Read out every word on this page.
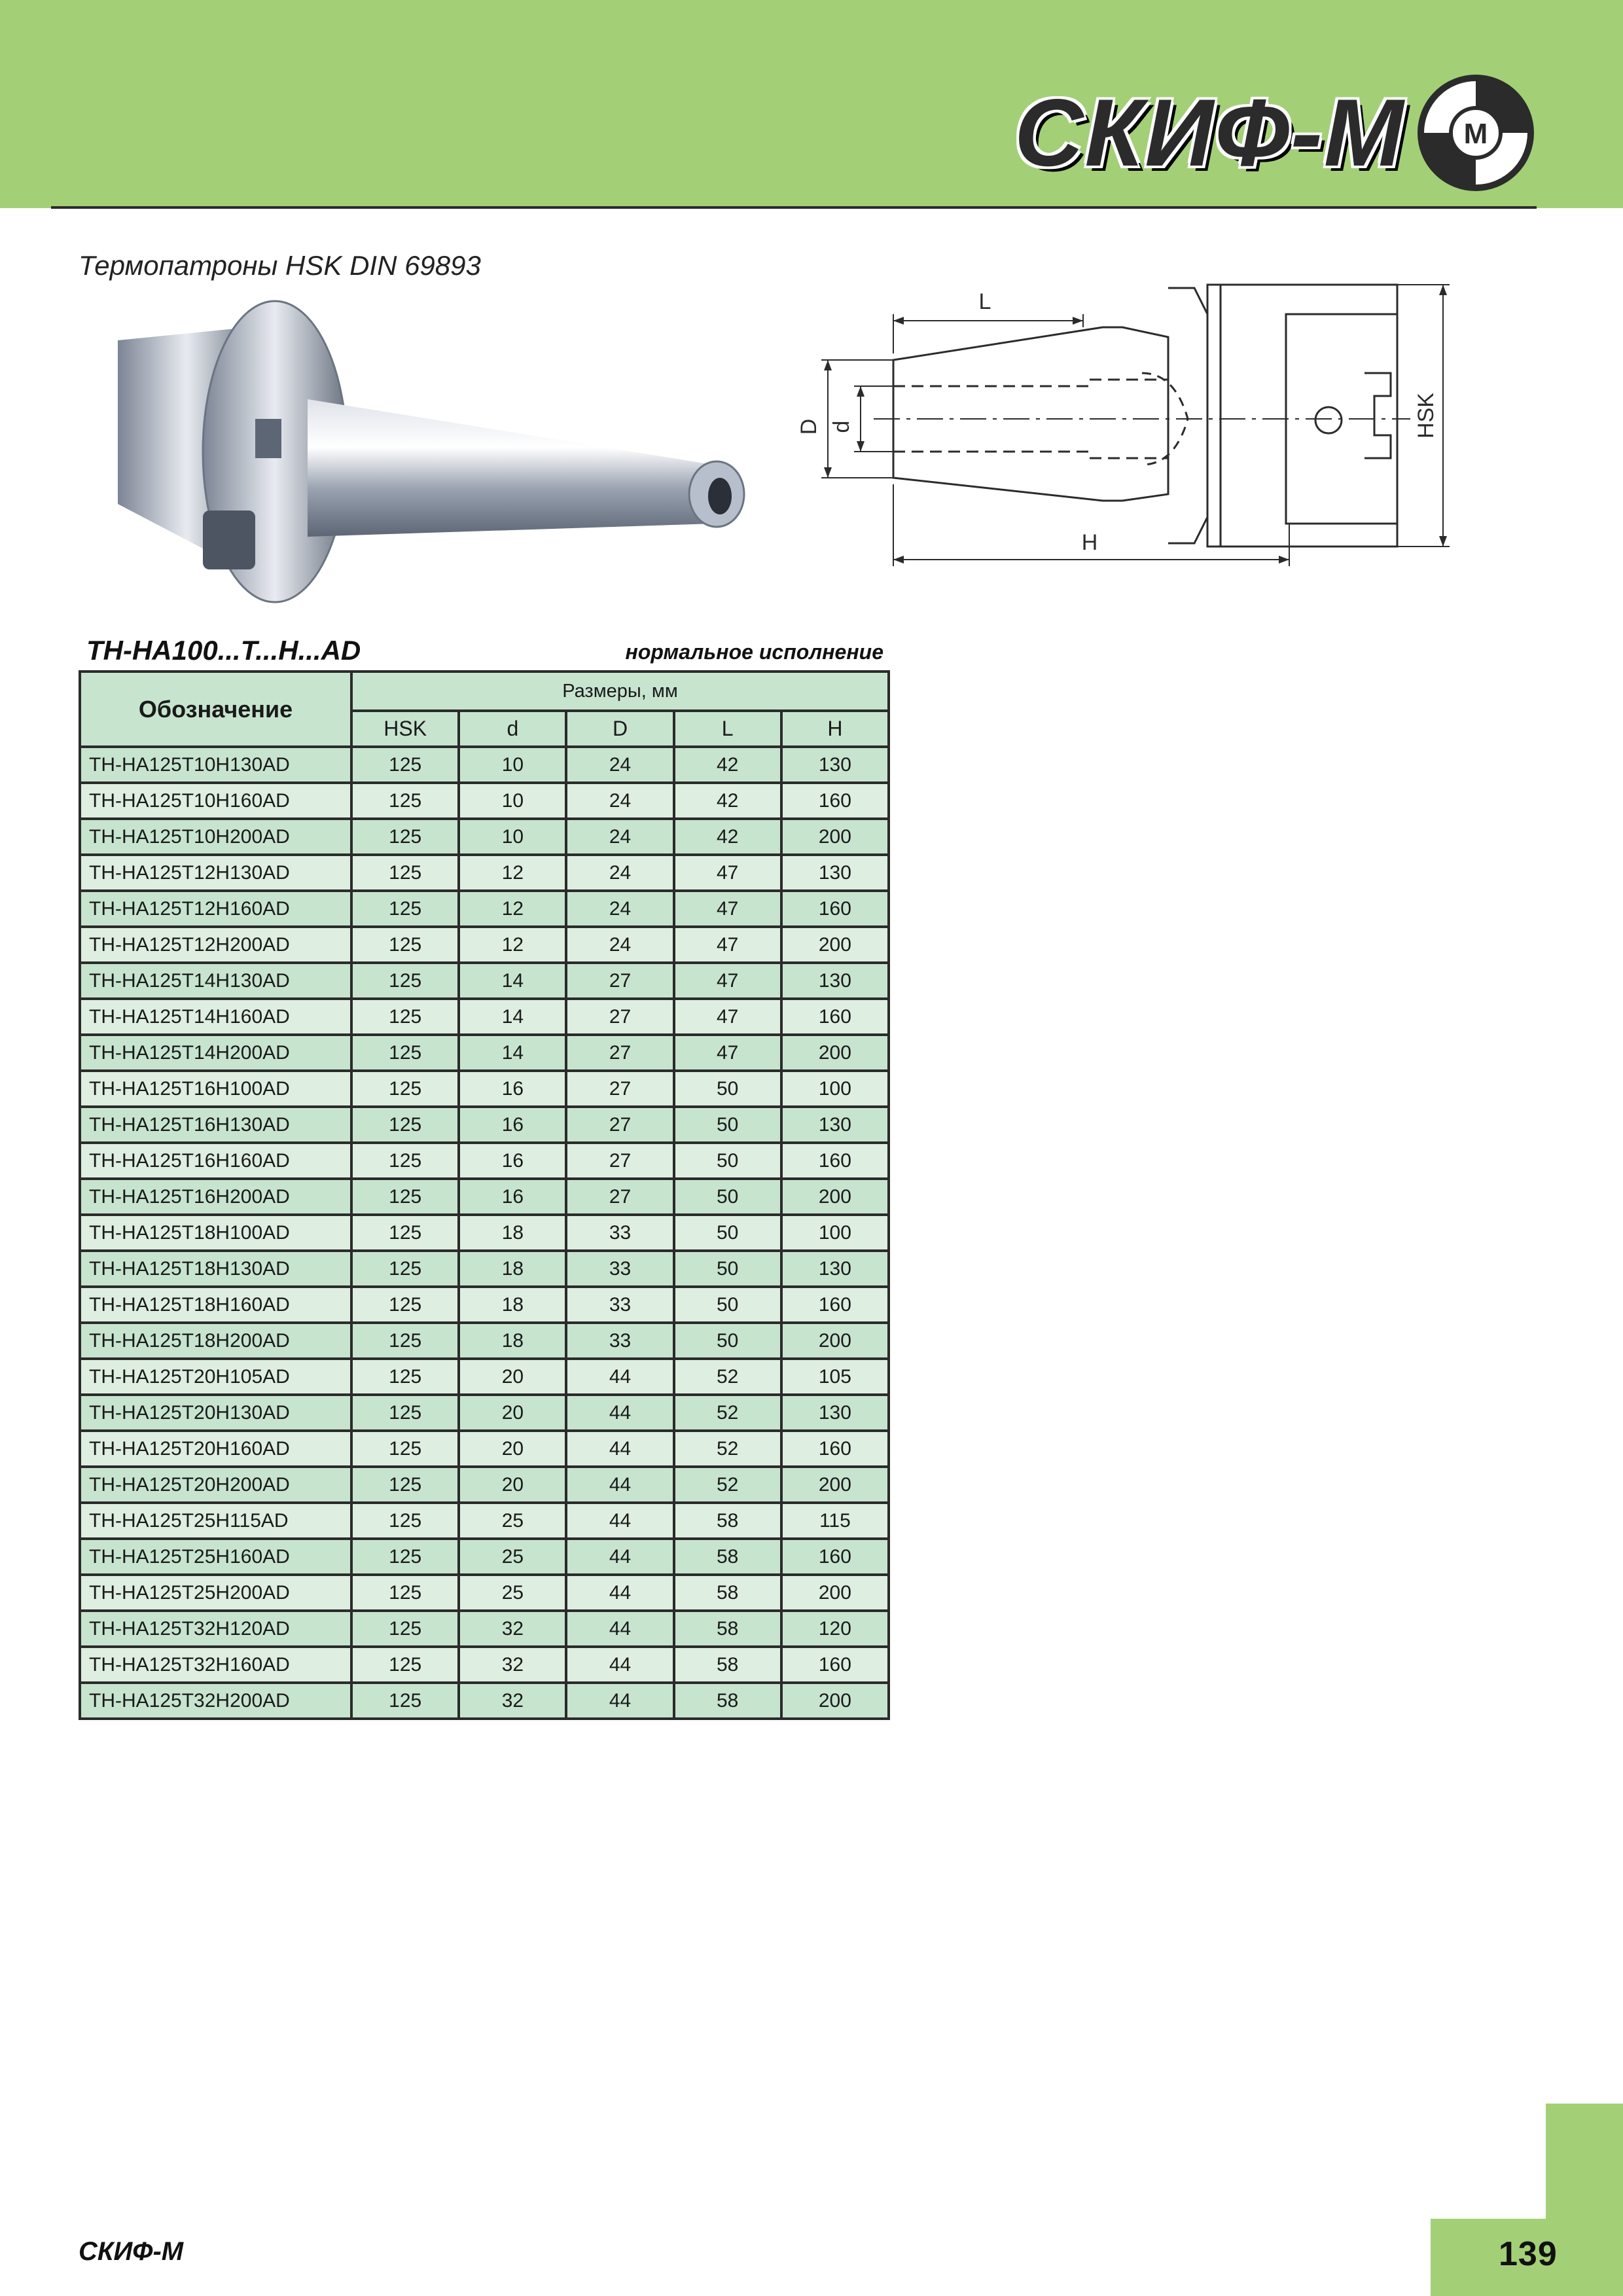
СКИФ-М M
Термопатроны HSK DIN 69893
L
H
D d	HSK
TH-HA100...T...H...AD	нормальное исполнение
Обозначение	Размеры, мм				
	HSK	d	D	L	H
TH-HA125T10H130AD	125	10	24	42	130
TH-HA125T10H160AD	125	10	24	42	160
TH-HA125T10H200AD	125	10	24	42	200
TH-HA125T12H130AD	125	12	24	47	130
TH-HA125T12H160AD	125	12	24	47	160
TH-HA125T12H200AD	125	12	24	47	200
TH-HA125T14H130AD	125	14	27	47	130
TH-HA125T14H160AD	125	14	27	47	160
TH-HA125T14H200AD	125	14	27	47	200
TH-HA125T16H100AD	125	16	27	50	100
TH-HA125T16H130AD	125	16	27	50	130
TH-HA125T16H160AD	125	16	27	50	160
TH-HA125T16H200AD	125	16	27	50	200
TH-HA125T18H100AD	125	18	33	50	100
TH-HA125T18H130AD	125	18	33	50	130
TH-HA125T18H160AD	125	18	33	50	160
TH-HA125T18H200AD	125	18	33	50	200
TH-HA125T20H105AD	125	20	44	52	105
TH-HA125T20H130AD	125	20	44	52	130
TH-HA125T20H160AD	125	20	44	52	160
TH-HA125T20H200AD	125	20	44	52	200
TH-HA125T25H115AD	125	25	44	58	115
TH-HA125T25H160AD	125	25	44	58	160
TH-HA125T25H200AD	125	25	44	58	200
TH-HA125T32H120AD	125	32	44	58	120
TH-HA125T32H160AD	125	32	44	58	160
TH-HA125T32H200AD	125	32	44	58	200
139
СКИФ-М
